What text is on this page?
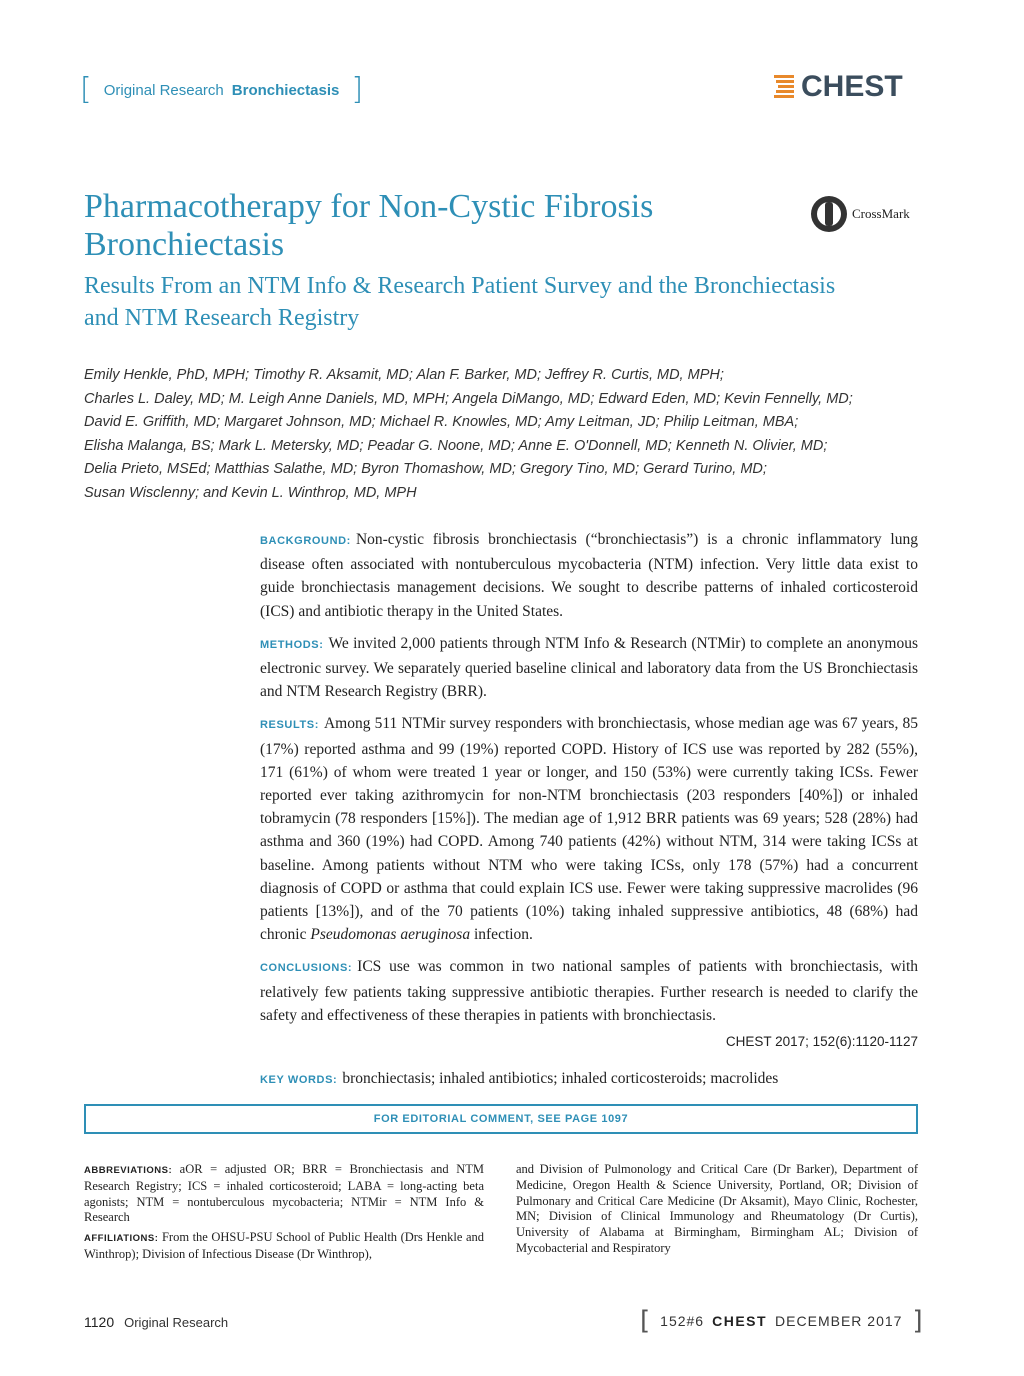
[ Original Research Bronchiectasis ]	CHEST
Pharmacotherapy for Non-Cystic Fibrosis Bronchiectasis
CrossMark
Results From an NTM Info & Research Patient Survey and the Bronchiectasis and NTM Research Registry
Emily Henkle, PhD, MPH; Timothy R. Aksamit, MD; Alan F. Barker, MD; Jeffrey R. Curtis, MD, MPH;
Charles L. Daley, MD; M. Leigh Anne Daniels, MD, MPH; Angela DiMango, MD; Edward Eden, MD; Kevin Fennelly, MD;
David E. Griffith, MD; Margaret Johnson, MD; Michael R. Knowles, MD; Amy Leitman, JD; Philip Leitman, MBA;
Elisha Malanga, BS; Mark L. Metersky, MD; Peadar G. Noone, MD; Anne E. O'Donnell, MD; Kenneth N. Olivier, MD;
Delia Prieto, MSEd; Matthias Salathe, MD; Byron Thomashow, MD; Gregory Tino, MD; Gerard Turino, MD;
Susan Wisclenny; and Kevin L. Winthrop, MD, MPH

BACKGROUND: Non-cystic fibrosis bronchiectasis (“bronchiectasis”) is a chronic inflammatory lung disease often associated with nontuberculous mycobacteria (NTM) infection. Very little data exist to guide bronchiectasis management decisions. We sought to describe patterns of inhaled corticosteroid (ICS) and antibiotic therapy in the United States.

METHODS: We invited 2,000 patients through NTM Info & Research (NTMir) to complete an anonymous electronic survey. We separately queried baseline clinical and laboratory data from the US Bronchiectasis and NTM Research Registry (BRR).

RESULTS: Among 511 NTMir survey responders with bronchiectasis, whose median age was 67 years, 85 (17%) reported asthma and 99 (19%) reported COPD. History of ICS use was reported by 282 (55%), 171 (61%) of whom were treated 1 year or longer, and 150 (53%) were currently taking ICSs. Fewer reported ever taking azithromycin for non-NTM bronchiectasis (203 responders [40%]) or inhaled tobramycin (78 responders [15%]). The median age of 1,912 BRR patients was 69 years; 528 (28%) had asthma and 360 (19%) had COPD. Among 740 patients (42%) without NTM, 314 were taking ICSs at baseline. Among patients without NTM who were taking ICSs, only 178 (57%) had a concurrent diagnosis of COPD or asthma that could explain ICS use. Fewer were taking suppressive macrolides (96 patients [13%]), and of the 70 patients (10%) taking inhaled suppressive antibiotics, 48 (68%) had chronic Pseudomonas aeruginosa infection.

CONCLUSIONS: ICS use was common in two national samples of patients with bronchiectasis, with relatively few patients taking suppressive antibiotic therapies. Further research is needed to clarify the safety and effectiveness of these therapies in patients with bronchiectasis.

CHEST 2017; 152(6):1120-1127
KEY WORDS: bronchiectasis; inhaled antibiotics; inhaled corticosteroids; macrolides
FOR EDITORIAL COMMENT, SEE PAGE 1097
ABBREVIATIONS: aOR = adjusted OR; BRR = Bronchiectasis and NTM Research Registry; ICS = inhaled corticosteroid; LABA = long-acting beta agonists; NTM = nontuberculous mycobacteria; NTMir = NTM Info & Research
AFFILIATIONS: From the OHSU-PSU School of Public Health (Drs Henkle and Winthrop); Division of Infectious Disease (Dr Winthrop),
and Division of Pulmonology and Critical Care (Dr Barker), Department of Medicine, Oregon Health & Science University, Portland, OR; Division of Pulmonary and Critical Care Medicine (Dr Aksamit), Mayo Clinic, Rochester, MN; Division of Clinical Immunology and Rheumatology (Dr Curtis), University of Alabama at Birmingham, Birmingham AL; Division of Mycobacterial and Respiratory
1120 Original Research	[ 152#6 CHEST DECEMBER 2017 ]
